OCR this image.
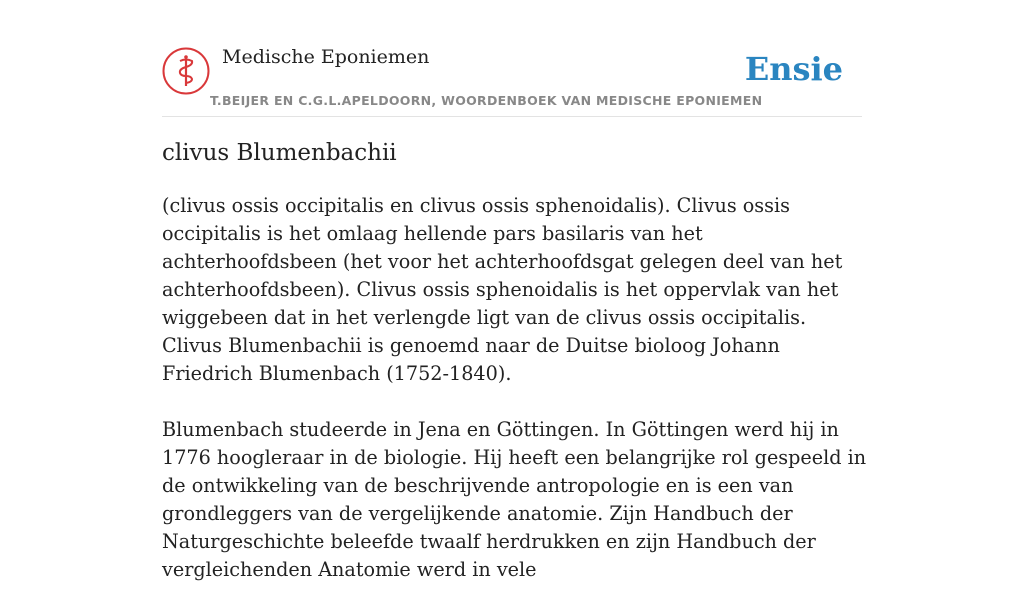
Medische Eponiemen
T.BEIJER EN C.G.L.APELDOORN, WOORDENBOEK VAN MEDISCHE EPONIEMEN
Ensie
clivus Blumenbachii

(clivus ossis occipitalis en clivus ossis sphenoidalis). Clivus ossis occipitalis is het omlaag hellende pars basilaris van het achterhoofdsbeen (het voor het achterhoofdsgat gelegen deel van het achterhoofdsbeen). Clivus ossis sphenoidalis is het oppervlak van het wiggebeen dat in het verlengde ligt van de clivus ossis occipitalis. Clivus Blumenbachii is genoemd naar de Duitse bioloog Johann Friedrich Blumenbach (1752-1840).

Blumenbach studeerde in Jena en Göttingen. In Göttingen werd hij in 1776 hoogleraar in de biologie. Hij heeft een belangrijke rol gespeeld in de ontwikkeling van de beschrijvende antropologie en is een van grondleggers van de vergelijkende anatomie. Zijn Handbuch der Naturgeschichte beleefde twaalf herdrukken en zijn Handbuch der vergleichenden Anatomie werd in vele
